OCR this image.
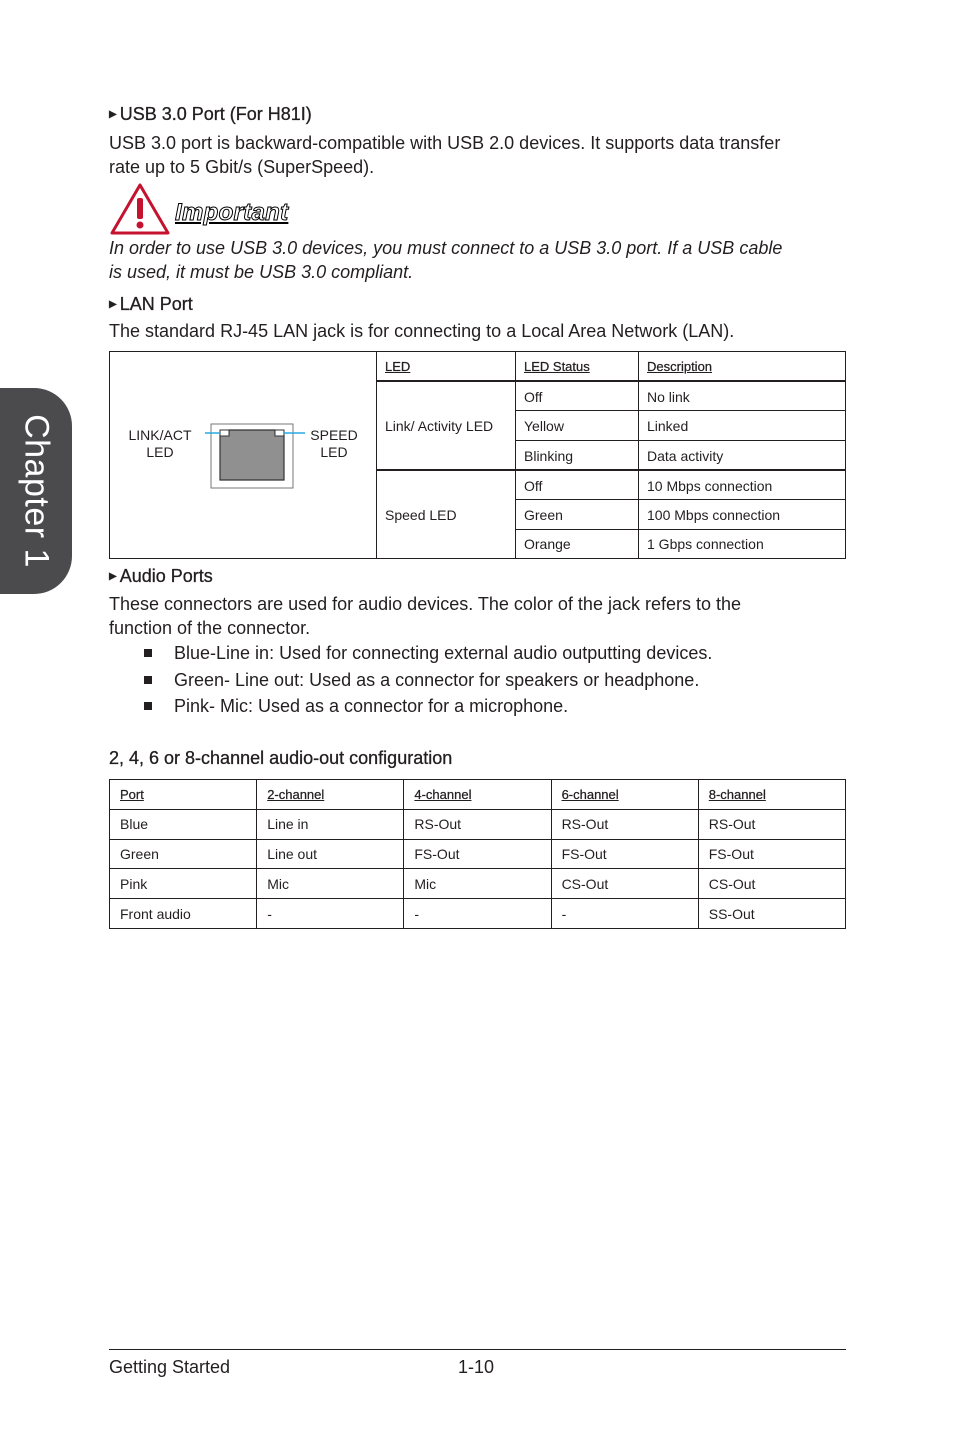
Chapter 1
▶ USB 3.0 Port (For H81I)
USB 3.0 port is backward-compatible with USB 2.0 devices. It supports data transfer
rate up to 5 Gbit/s (SuperSpeed).
Important
In order to use USB 3.0 devices, you must connect to a USB 3.0 port. If a USB cable
is used, it must be USB 3.0 compliant.
▶ LAN Port
The standard RJ-45 LAN jack is for connecting to a Local Area Network (LAN).
LINK/ACT
LED
SPEED
LED
LED	LED Status	Description
Link/ Activity LED
Off	No link
Yellow	Linked
Blinking	Data activity
Speed LED
Off	10 Mbps connection
Green	100 Mbps connection
Orange	1 Gbps connection
▶ Audio Ports
These connectors are used for audio devices. The color of the jack refers to the
function of the connector.
Blue-Line in: Used for connecting external audio outputting devices.
Green- Line out: Used as a connector for speakers or headphone.
Pink- Mic: Used as a connector for a microphone.
2, 4, 6 or 8-channel audio-out configuration
Port	2-channel	4-channel	6-channel	8-channel
Blue	Line in	RS-Out	RS-Out	RS-Out
Green	Line out	FS-Out	FS-Out	FS-Out
Pink	Mic	Mic	CS-Out	CS-Out
Front audio	-	-	-	SS-Out
Getting Started	1-10
